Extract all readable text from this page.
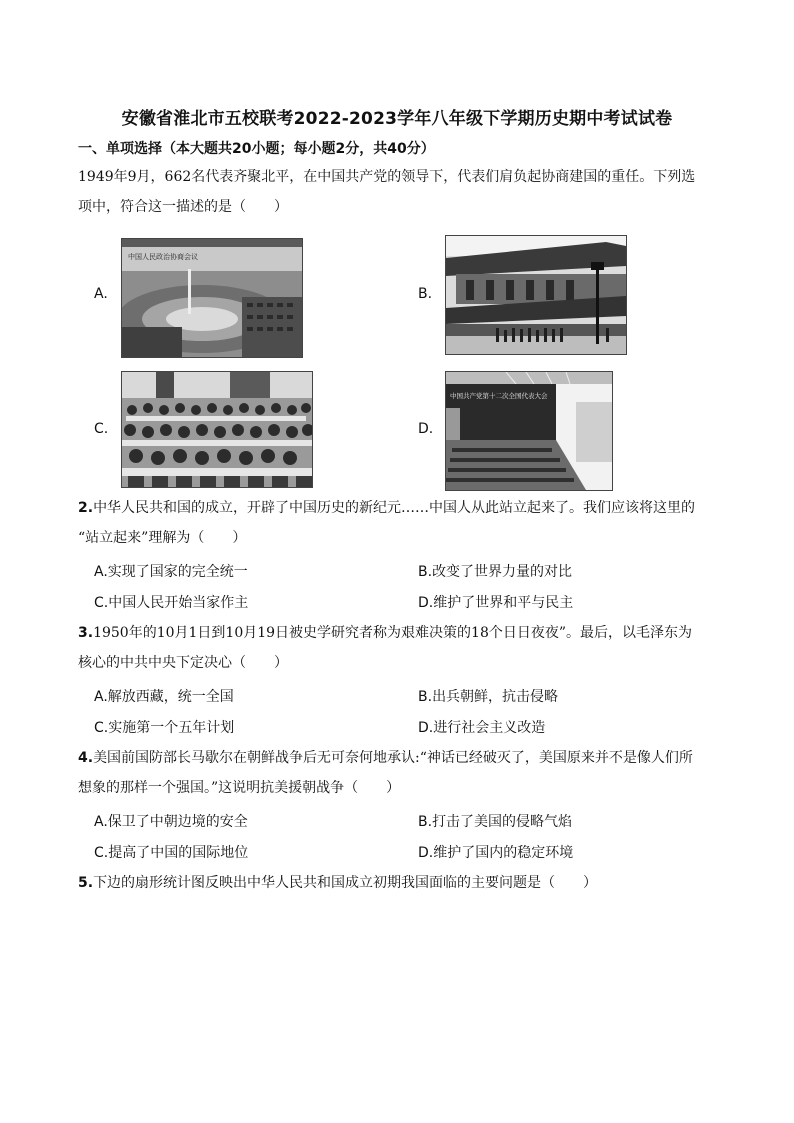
安徽省淮北市五校联考2022-2023学年八年级下学期历史期中考试试卷
一、单项选择（本大题共20小题；每小题2分，共40分）
1949年9月，662名代表齐聚北平，在中国共产党的领导下，代表们肩负起协商建国的重任。下列选
项中，符合这一描述的是（　　）
A.
中国人民政治协商会议
B.
C.	D.
中国共产党第十二次全国代表大会
2.中华人民共和国的成立，开辟了中国历史的新纪元……中国人从此站立起来了。我们应该将这里的
“站立起来”理解为（　　）
A.实现了国家的完全统一	B.改变了世界力量的对比
C.中国人民开始当家作主	D.维护了世界和平与民主
3.1950年的10月1日到10月19日被史学研究者称为艰难决策的18个日日夜夜”。最后，以毛泽东为
核心的中共中央下定决心（　　）
A.解放西藏，统一全国	B.出兵朝鲜，抗击侵略
C.实施第一个五年计划	D.进行社会主义改造
4.美国前国防部长马歇尔在朝鲜战争后无可奈何地承认:“神话已经破灭了，美国原来并不是像人们所
想象的那样一个强国。”这说明抗美援朝战争（　　）
A.保卫了中朝边境的安全	B.打击了美国的侵略气焰
C.提高了中国的国际地位	D.维护了国内的稳定环境
5.下边的扇形统计图反映出中华人民共和国成立初期我国面临的主要问题是（　　）
